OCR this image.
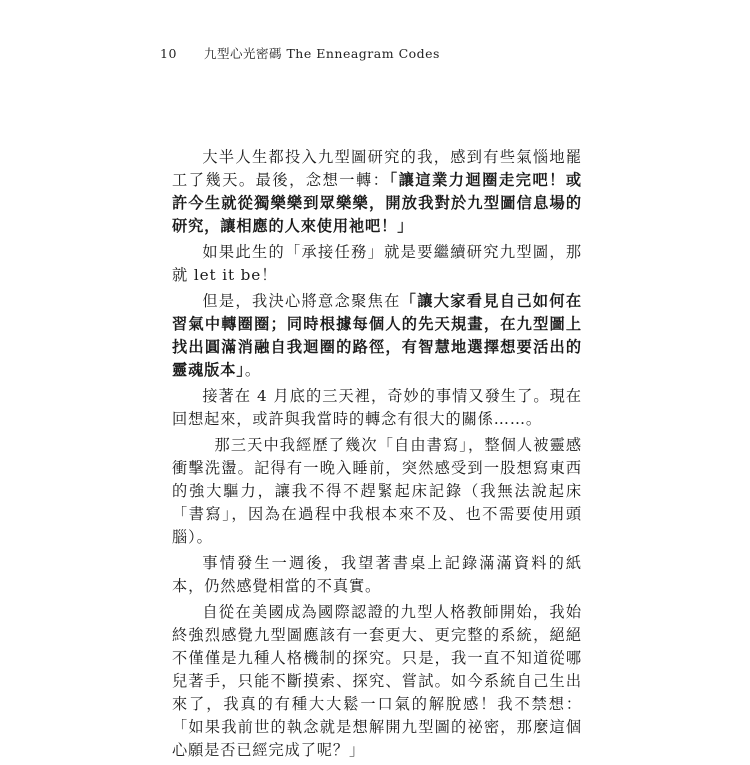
10 九型心光密碼 The Enneagram Codes

大半人生都投入九型圖研究的我，感到有些氣惱地罷工了幾天。最後，念想一轉：「讓這業力迴圈走完吧！或許今生就從獨樂樂到眾樂樂，開放我對於九型圖信息場的研究，讓相應的人來使用祂吧！」

如果此生的「承接任務」就是要繼續研究九型圖，那就 let it be！

但是，我決心將意念聚焦在「讓大家看見自己如何在習氣中轉圈圈；同時根據每個人的先天規畫，在九型圖上找出圓滿消融自我迴圈的路徑，有智慧地選擇想要活出的靈魂版本」。

接著在 4 月底的三天裡，奇妙的事情又發生了。現在回想起來，或許與我當時的轉念有很大的關係……。

那三天中我經歷了幾次「自由書寫」，整個人被靈感衝擊洗盪。記得有一晚入睡前，突然感受到一股想寫東西的強大驅力，讓我不得不趕緊起床記錄（我無法說起床「書寫」，因為在過程中我根本來不及、也不需要使用頭腦）。

事情發生一週後，我望著書桌上記錄滿滿資料的紙本，仍然感覺相當的不真實。

自從在美國成為國際認證的九型人格教師開始，我始終強烈感覺九型圖應該有一套更大、更完整的系統，絕絕不僅僅是九種人格機制的探究。只是，我一直不知道從哪兒著手，只能不斷摸索、探究、嘗試。如今系統自己生出來了，我真的有種大大鬆一口氣的解脫感！我不禁想：「如果我前世的執念就是想解開九型圖的祕密，那麼這個心願是否已經完成了呢？」
